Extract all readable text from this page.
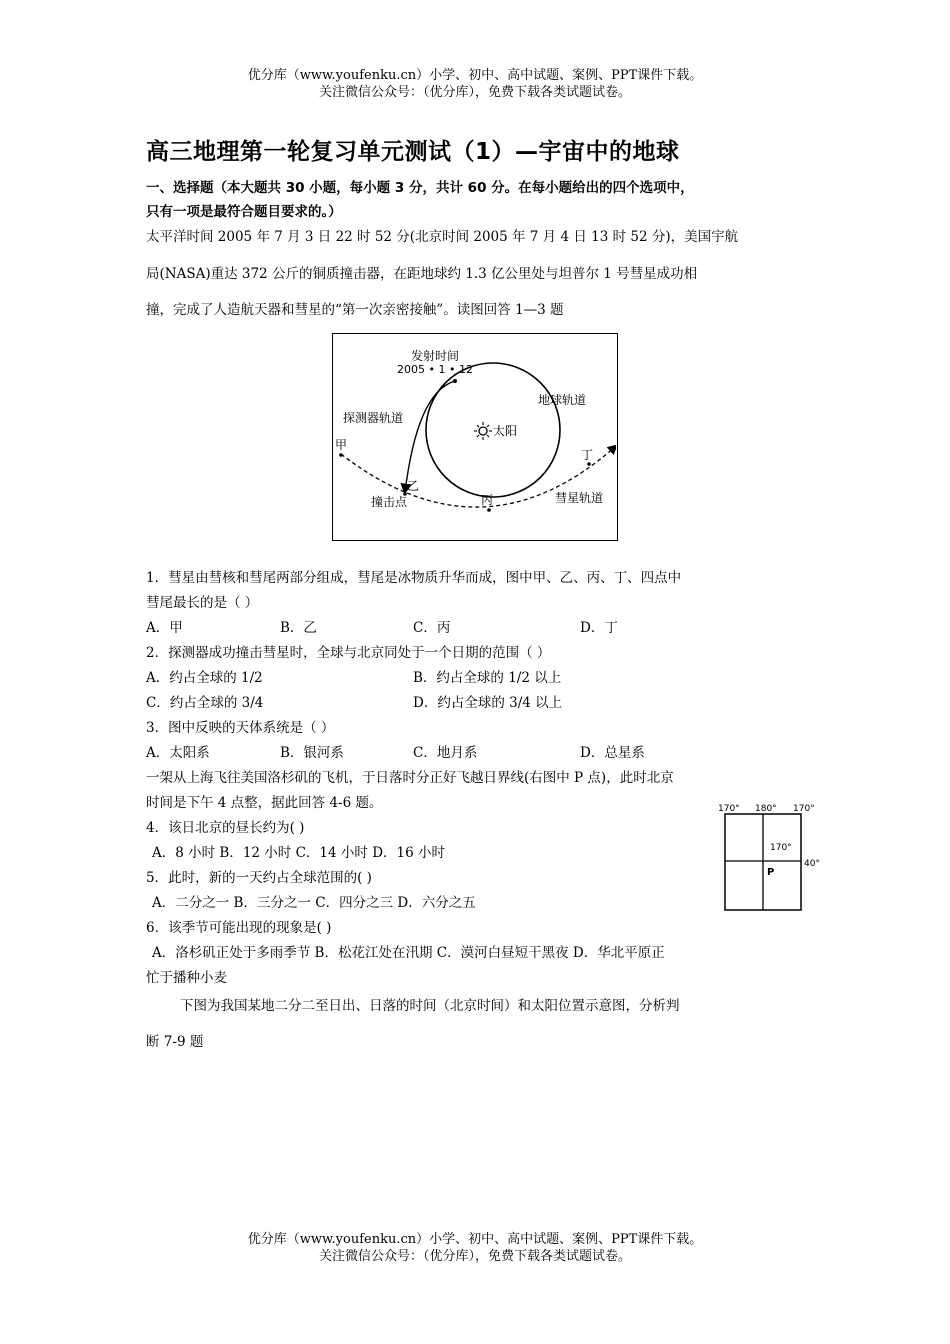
优分库（www.youfenku.cn）小学、初中、高中试题、案例、PPT课件下载。
关注微信公众号：（优分库），免费下载各类试题试卷。
高三地理第一轮复习单元测试（1）—宇宙中的地球
一、选择题（本大题共 30 小题，每小题 3 分，共计 60 分。在每小题给出的四个选项中，
只有一项是最符合题目要求的。）
太平洋时间 2005 年 7 月 3 日 22 时 52 分(北京时间 2005 年 7 月 4 日 13 时 52 分)，美国宇航
局(NASA)重达 372 公斤的铜质撞击器，在距地球约 1.3 亿公里处与坦普尔 1 号彗星成功相
撞，完成了人造航天器和彗星的“第一次亲密接触”。读图回答 1—3 题
太阳
发射时间
2005 • 1 • 12
地球轨道
探测器轨道
甲
乙
撞击点	丙
丁
彗星轨道
1．彗星由彗核和彗尾两部分组成，彗尾是冰物质升华而成，图中甲、乙、丙、丁、四点中
彗尾最长的是（ ）
A．甲	B．乙	C．丙	D．丁
2．探测器成功撞击彗星时，全球与北京同处于一个日期的范围（ ）
A．约占全球的 1/2	B．约占全球的 1/2 以上
C．约占全球的 3/4	D．约占全球的 3/4 以上
3．图中反映的天体系统是（ ）
A．太阳系	B．银河系	C．地月系	D．总星系
一架从上海飞往美国洛杉矶的飞机，于日落时分正好飞越日界线(右图中 P 点)，此时北京
时间是下午 4 点整，据此回答 4-6 题。	170° 180° 170°
170°
40°
P
4．该日北京的昼长约为( )
A．8 小时 B．12 小时 C．14 小时 D．16 小时
5．此时，新的一天约占全球范围的( )
A．二分之一 B．三分之一 C．四分之三 D．六分之五
6．该季节可能出现的现象是( )
A．洛杉矶正处于多雨季节 B．松花江处在汛期 C．漠河白昼短干黑夜 D．华北平原正
忙于播种小麦
下图为我国某地二分二至日出、日落的时间（北京时间）和太阳位置示意图，分析判
断 7-9 题
优分库（www.youfenku.cn）小学、初中、高中试题、案例、PPT课件下载。
关注微信公众号：（优分库），免费下载各类试题试卷。
